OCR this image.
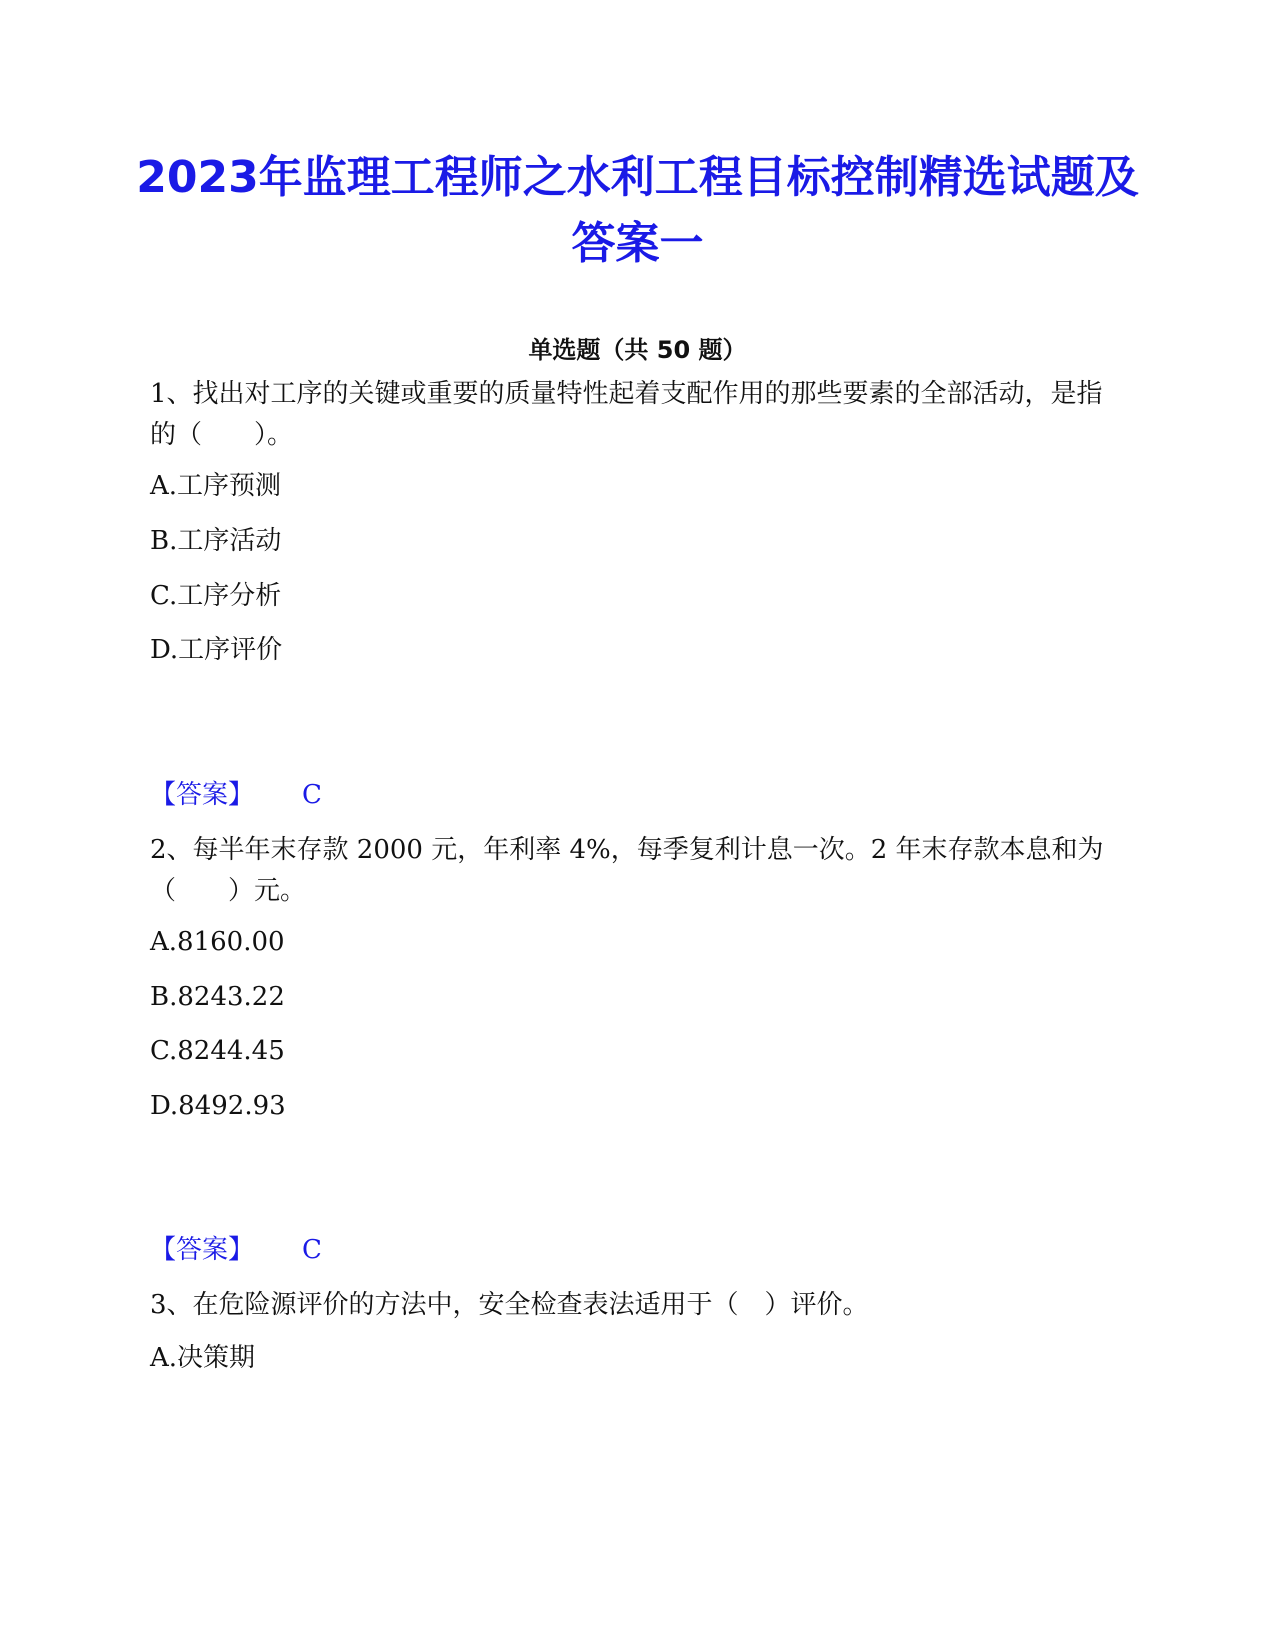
2023年监理工程师之水利工程目标控制精选试题及答案一
单选题（共 50 题）

1、找出对工序的关键或重要的质量特性起着支配作用的那些要素的全部活动，是指的（　　）。

A.工序预测
B.工序活动
C.工序分析
D.工序评价
【答案】 C

2、每半年末存款 2000 元，年利率 4%，每季复利计息一次。2 年末存款本息和为（　　）元。

A.8160.00
B.8243.22
C.8244.45
D.8492.93
【答案】 C

3、在危险源评价的方法中，安全检查表法适用于（　）评价。

A.决策期
